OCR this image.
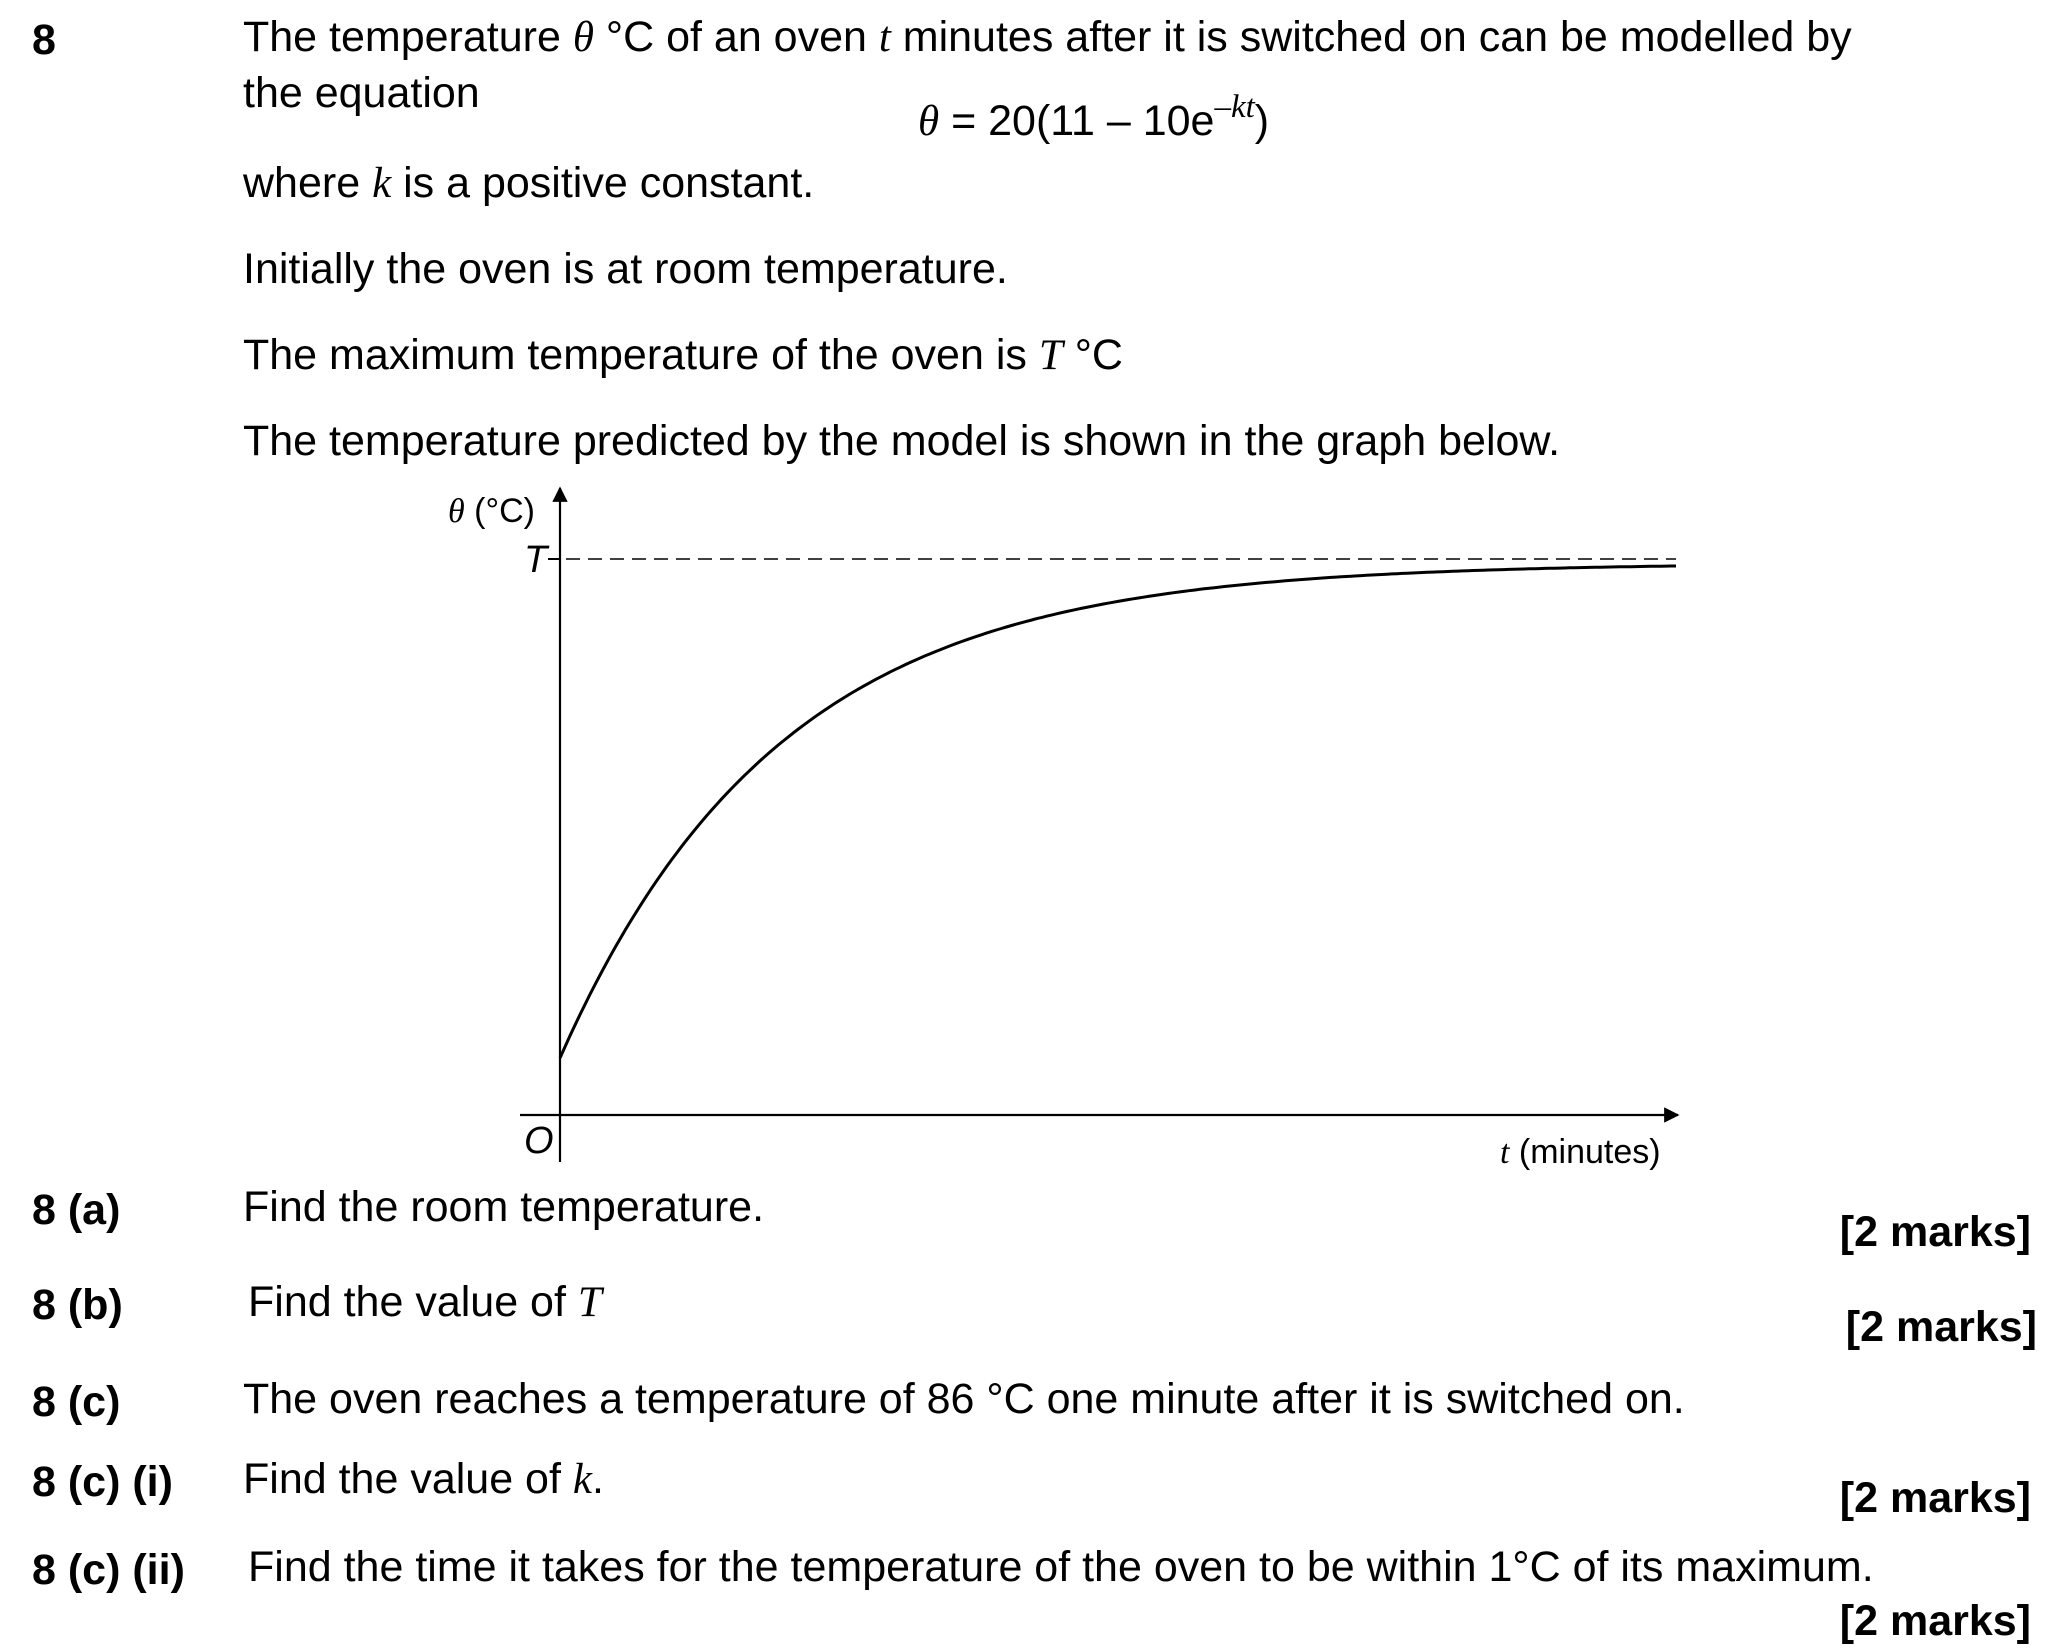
8	The temperature θ °C of an oven t minutes after it is switched on can be modelled by
the equation
$\theta = 20(11 - 10e^{-kt})$
where k is a positive constant.
Initially the oven is at room temperature.
The maximum temperature of the oven is T °C
The temperature predicted by the model is shown in the graph below.
θ (°C)
T
O	t (minutes)
8 (a)	Find the room temperature.
[2 marks]
8 (b)	Find the value of T
[2 marks]
8 (c)	The oven reaches a temperature of 86 °C one minute after it is switched on.
8 (c) (i) Find the value of k.	[2 marks]
8 (c) (ii) Find the time it takes for the temperature of the oven to be within 1°C of its maximum.
[2 marks]
